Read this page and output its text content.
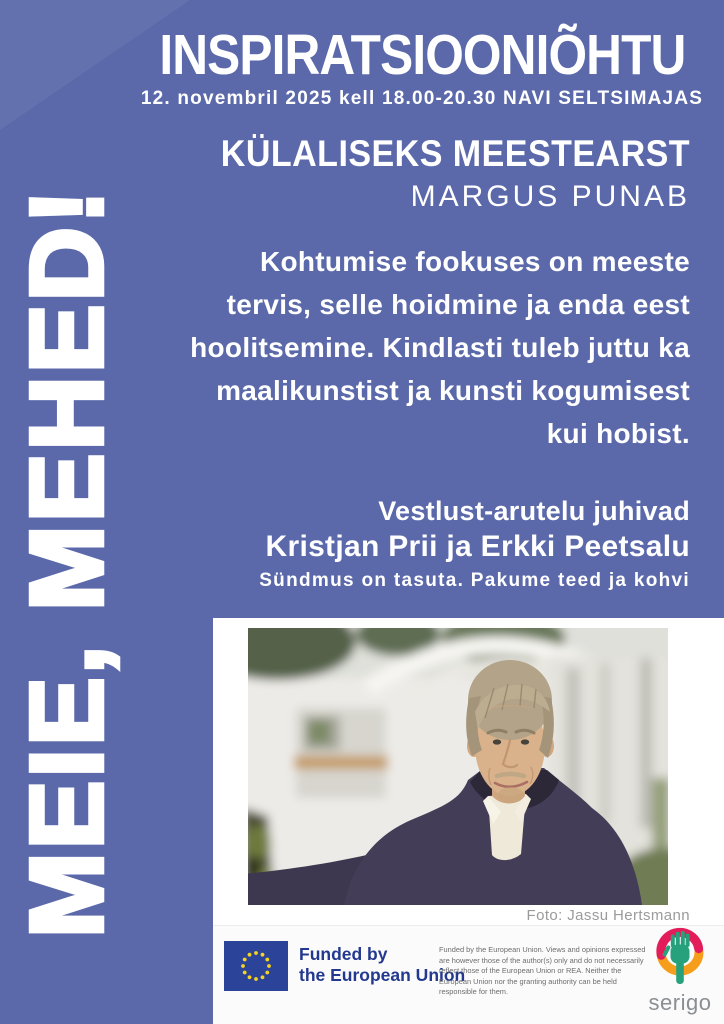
INSPIRATSIOONIÕHTU
12. novembril 2025 kell 18.00-20.30 NAVI SELTSIMAJAS
MEIE, MEHED!
KÜLALISEKS MEESTEARST
MARGUS PUNAB
Kohtumise fookuses on meeste
tervis, selle hoidmine ja enda eest
hoolitsemine. Kindlasti tuleb juttu ka
maalikunstist ja kunsti kogumisest
kui hobist.
Vestlust-arutelu juhivad
Kristjan Prii ja Erkki Peetsalu
Sündmus on tasuta. Pakume teed ja kohvi
Foto: Jassu Hertsmann
Funded by
the European Union
Funded by the European Union. Views and opinions expressed are however those of the author(s) only and do not necessarily reflect those of the European Union or REA. Neither the European Union nor the granting authority can be held responsible for them.	serigo
